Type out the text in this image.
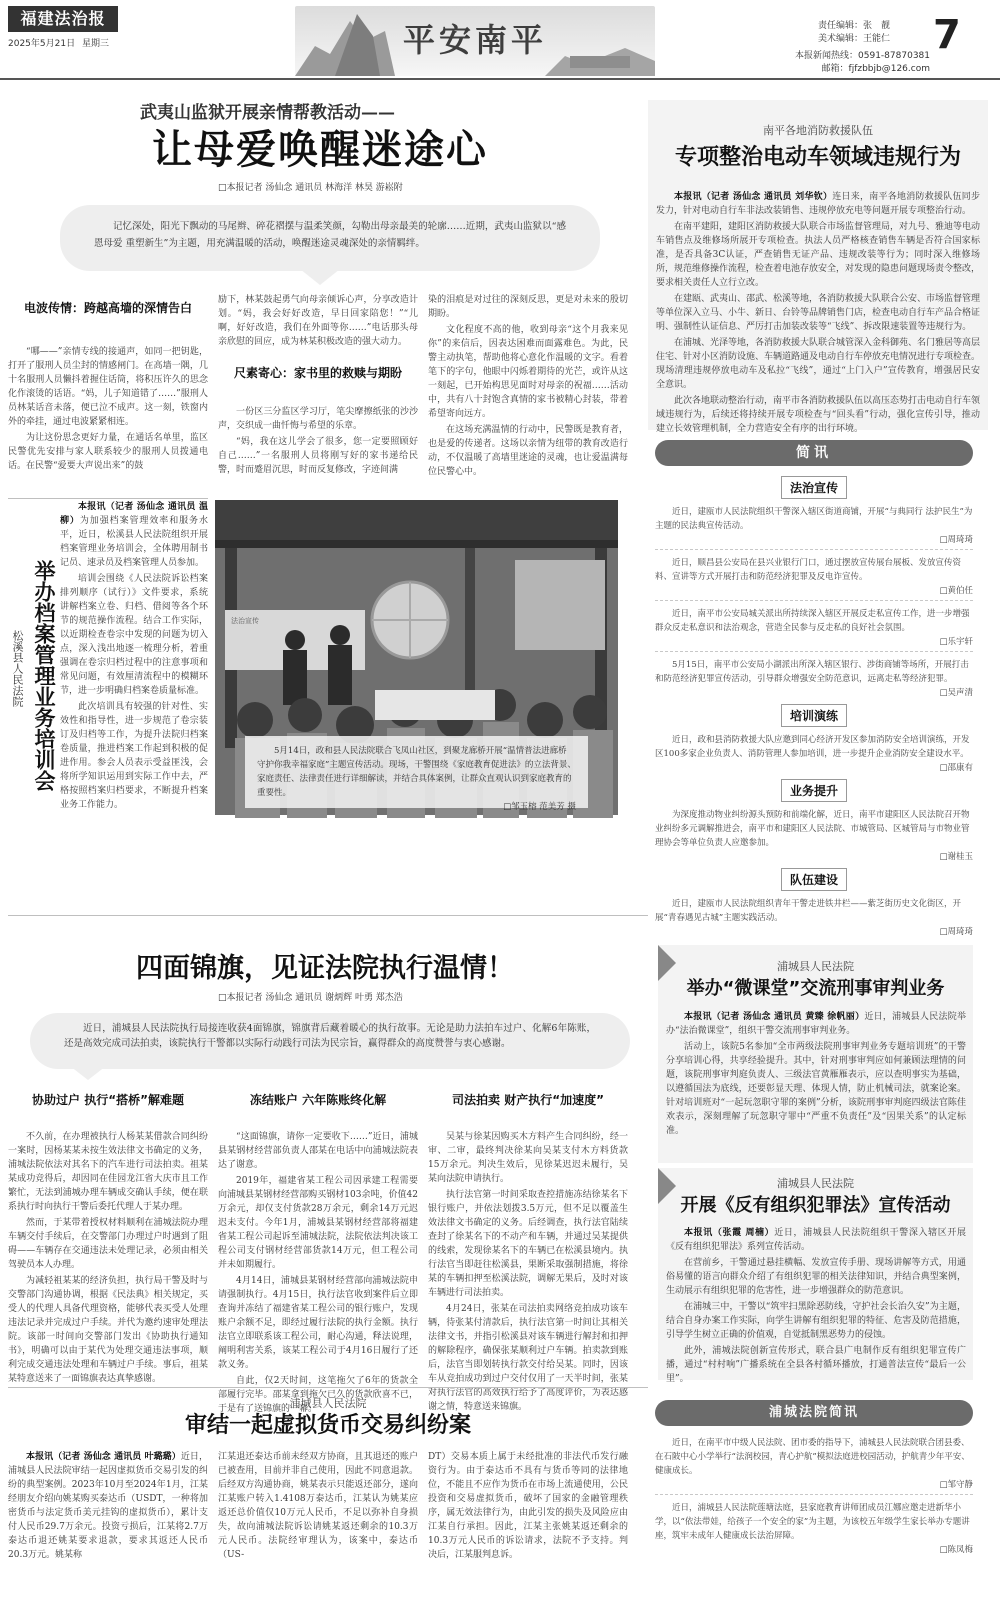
福建法治报
2025年5月21日 星期三	平安南平	责任编辑：张　靓
美术编辑：王能仁 7
本报新闻热线：0591-87870381
邮箱：fjfzbbjb@126.com
武夷山监狱开展亲情帮教活动——
让母爱唤醒迷途心
□本报记者 汤仙念 通讯员 林海洋 林昊 游崧附
记忆深处，阳光下飘动的马尾辫、碎花褶摆与温柔笑颜，勾勒出母亲最美的轮廓……近期，武夷山监狱以“感恩母爱 重塑新生”为主题，用充满温暖的活动，唤醒迷途灵魂深处的亲情羁绊。
电波传情：跨越高墙的深情告白

“哪——”亲情专线的接通声，如同一把钥匙，打开了服刑人员尘封的情感闸门。在高墙一隅，几十名服刑人员懒抖着握住话筒，将积压许久的思念化作滚烫的话语。“妈，儿子知道错了……”服刑人员林某话音未落，便已泣不成声。这一刻，铁窗内外的牵挂，通过电波紧紧相连。

为让这份思念更好力量，在通话名单里，监区民警优先安排与家人联系较少的服刑人员拨通电话。在民警“爱要大声说出来”的鼓

励下，林某鼓起勇气向母亲倾诉心声，分享改造计划。“妈，我会好好改造，早日回家陪您！”“儿啊，好好改造，我们在外面等你……”电话那头母亲欣慰的回应，成为林某积极改造的强大动力。

尺素寄心：家书里的救赎与期盼

一份区三分监区学习厅，笔尖摩擦纸张的沙沙声，交织成一曲忏悔与希望的乐章。

“妈，我在这儿学会了很多，您一定要照顾好自己……”一名服刑人员将刚写好的家书递给民警，时而蹙眉沉思，时而反复修改，字迹间满

染的泪痕是对过往的深刻反思，更是对未来的殷切期盼。

文化程度不高的他，收到母亲“这个月我来见你”的来信后，因表达困难而面露难色。为此，民警主动执笔，帮助他将心意化作温暖的文字。看着笔下的字句，他眼中闪烁着期待的光芒，或许从这一刻起，已开始构思见面时对母亲的祝福……活动中，共有八十封饱含真情的家书被精心封装，带着希望寄向远方。

在这场充满温情的行动中，民警既是教育者，也是爱的传递者。这场以亲情为纽带的教育改造行动，不仅温暖了高墙里迷途的灵魂，也让爱温满每位民警心中。

南平各地消防救援队伍
专项整治电动车领域违规行为

本报讯（记者 汤仙念 通讯员 刘华钦）连日来，南平各地消防救援队伍同步发力，针对电动自行车非法改装销售、违规停放充电等问题开展专项整治行动。

在南平建阳，建阳区消防救援大队联合市场监督管理局，对九号、雅迪等电动车销售点及维修场所展开专项检查。执法人员严格核查销售车辆是否符合国家标准，是否具备3C认证，严查销售无证产品、违规改装等行为；同时深入维修场所，规范维修操作流程，检查着电池存放安全，对发现的隐患问题现场责令整改，要求相关责任人立行立改。

在建瓯、武夷山、邵武、松溪等地，各消防救援大队联合公安、市场监督管理等单位深入立马、小牛、新日、台铃等品牌销售门店，检查电动自行车产品合格证明、强制性认证信息、严厉打击加装改装等“飞线”、拆改限速装置等违规行为。

在浦城、光泽等地，各消防救援大队联合城管深入金科御苑、名门雅居等高层住宅、针对小区消防设施、车辆道路通及电动自行车停放充电情况进行专项检查。现场清理违规停放电动车及私拉“飞线”，通过“上门入户”宣传教育，增强居民安全意识。

此次各地联动整治行动，南平市各消防救援队伍以高压态势打击电动自行车领域违规行为，后续还将持续开展专项检查与“回头看”行动，强化宣传引导，推动建立长效管理机制，全力营造安全有序的出行环境。

简讯
法治宣传
近日，建瓯市人民法院组织干警深入辖区街道商铺，开展“与典同行 法护民生”为主题的民法典宣传活动。
□周琦琦
近日，顺昌县公安局在县兴业银行门口，通过摆放宣传展台展板、发放宣传资料、宣讲等方式开展打击和防范经济犯罪及反电诈宣传。
□黄伯任
近日，南平市公安局城关派出所持续深入辖区开展反走私宣传工作，进一步增强群众反走私意识和法治观念，营造全民参与反走私的良好社会氛围。
□乐宇轩
5月15日，南平市公安局小湖派出所深入辖区银行、涉街商铺等场所，开展打击和防范经济犯罪宣传活动，引导群众增强安全防范意识，远离走私等经济犯罪。
□吴声清
培训演练
近日，政和县消防救援大队应邀到同心经济开发区参加消防安全培训演练，开发区100多家企业负责人、消防管理人参加培训，进一步提升企业消防安全建设水平。
□邵康有
业务提升
为深度推动物业纠纷源头预防和前端化解，近日，南平市建阳区人民法院召开物业纠纷多元调解推进会，南平市和建阳区人民法院、市城管局、区城管局与市物业管理协会等单位负责人应邀参加。
□谢桂玉
队伍建设
近日，建瓯市人民法院组织青年干警走进铁井栏——紫芝街历史文化街区，开展“青春遇见古城”主题实践活动。
□周琦琦
举办档案管理业务培训会
松溪县人民法院

本报讯（记者 汤仙念 通讯员 温柳）为加强档案管理效率和服务水平，近日，松溪县人民法院组织开展档案管理业务培训会，全体聘用制书记员、速录员及档案管理人员参加。

培训会围绕《人民法院诉讼档案排列顺序（试行）》文件要求，系统讲解档案立卷、归档、借阅等各个环节的规范操作流程。结合工作实际，以近期检查卷宗中发现的问题为切入点，深入浅出地逐一梳理分析，着重强调在卷宗归档过程中的注意事项和常见问题，有效厘清流程中的模糊环节，进一步明确归档案卷质量标准。

此次培训具有较强的针对性、实效性和指导性，进一步规范了卷宗装订及归档等工作，为提升法院归档案卷质量，推进档案工作起到积极的促进作用。参会人员表示受益匪浅，会将所学知识运用到实际工作中去，严格按照档案归档要求，不断提升档案业务工作能力。

法治宣传
5月14日，政和县人民法院联合飞凤山社区，到聚龙廊桥开展“温情普法进廊桥 守护你我幸福家庭”主题宣传活动。现场，干警围绕《家庭教育促进法》的立法背景、家庭责任、法律责任进行详细解读，并结合具体案例，让群众直观认识到家庭教育的重要性。
□邹玉榕 范美芳 摄
四面锦旗，见证法院执行温情！
□本报记者 汤仙念 通讯员 谢炳辉 叶勇 郑杰浩
近日，浦城县人民法院执行局接连收获4面锦旗，锦旗背后藏着暖心的执行故事。无论是助力法拍车过户、化解6年陈账，还是高效完成司法拍卖，该院执行干警都以实际行动践行司法为民宗旨，赢得群众的高度赞誉与衷心感谢。
协助过户 执行“搭桥”解难题

不久前，在办理被执行人杨某某借款合同纠纷一案时，因杨某某未按生效法律文书确定的义务，浦城法院依法对其名下的汽车进行司法拍卖。祖某某成功竞得后，却因同在佳园龙江省大庆市且工作繁忙，无法到浦城办理车辆成交确认手续，便在联系执行时向执行干警后委托代理人于某办理。

然而，于某带着授权材料顺利在浦城法院办理车辆交付手续后，在交警部门办理过户时遇到了阻碍——车辆存在交通违法未处理记录，必须由相关驾驶员本人办理。

为减轻祖某某的经济负担，执行局干警及时与交警部门沟通协调，根据《民法典》相关规定，买受人的代理人具备代理资格，能够代表买受人处理违法记录并完成过户手续。并代为邀约速审处理法院。该部一时间向交警部门发出《协助执行通知书》，明确可以由于某代为处理交通违法事项，顺利完成交通违法处理和车辆过户手续。事后，祖某某特意送来了一面锦旗表达真挚感谢。

冻结账户 六年陈账终化解

“这面锦旗，请你一定要收下……”近日，浦城县某钢材经营部负责人邵某在电话中向浦城法院表达了谢意。

2019年，福建省某工程公司因承建工程需要向浦城县某钢材经营部购买钢材103余吨，价值42万余元，却仅支付货款28万余元，剩余14万元迟迟未支付。今年1月，浦城县某钢材经营部将福建省某工程公司起诉至浦城法院，法院依法判决该工程公司支付钢材经营部货款14万元，但工程公司并未如期履行。

4月14日，浦城县某钢材经营部向浦城法院申请强制执行。4月15日，执行法官收到案件后立即查询并冻结了福建省某工程公司的银行账户，发现账户余额不足，即经过履行法院的执行金额。执行法官立即联系该工程公司，耐心沟通，释法说理，阐明利害关系，该某工程公司于4月16日履行了还款义务。

自此，仅2天时间，这笔拖欠了6年的货款全部履行完毕。邵某拿到拖欠已久的货款欣喜不已，于是有了送锦旗的一幕。

司法拍卖 财产执行“加速度”

吴某与徐某因购买木方料产生合同纠纷，经一审、二审，最终判决徐某向吴某支付木方料货款15万余元。判决生效后，见徐某迟迟未履行，吴某向法院申请执行。

执行法官第一时间采取查控措施冻结徐某名下银行账户，并依法划拨3.5万元，但不足以覆盖生效法律文书确定的义务。后经调查，执行法官陆续查封了徐某名下的不动产和车辆，并通过吴某提供的线索，发现徐某名下的车辆已在松溪县境内。执行法官当即赶往松溪县，果断采取强制措施，将徐某的车辆扣押至松溪法院，调解无果后，及时对该车辆进行司法拍卖。

4月24日，张某在司法拍卖网络竞拍成功该车辆，待张某付清款后，执行法官第一时间让其相关法律文书，并指引松溪县对该车辆进行解封和扣押的解除程序，确保张某顺利过户车辆。拍卖款到账后，法官当即划转执行款交付给吴某。同时，因该车从竞拍成功到过户交付仅用了一天半时间，张某对执行法官的高效执行给予了高度评价，为表达感谢之情，特意送来锦旗。

浦城县人民法院
审结一起虚拟货币交易纠纷案

本报讯（记者 汤仙念 通讯员 叶璐璐）近日，浦城县人民法院审结一起因虚拟货币交易引发的纠纷的典型案例。2023年10月至2024年1月，江某经朋友介绍向姚某购买泰达币（USDT，一种将加密货币与法定货币美元挂钩的虚拟货币），累计支付人民币29.7万余元。投资亏损后，江某将2.7万泰达币退还姚某要求退款，要求其返还人民币20.3万元。姚某称

江某退还泰达币前未经双方协商，且其退还的账户已被查用，目前并非自己使用，因此不同意退款。后经双方沟通协商，姚某表示只能返还部分，遂向江某账户转入1.4108万泰达币，江某认为姚某应返还总价值仅10万元人民币，不足以弥补自身损失，故向浦城法院诉讼请姚某返还剩余的10.3万元人民币。法院经审理认为，该案中，泰达币（US-

DT）交易本质上属于未经批准的非法代币发行融资行为。由于泰达币不具有与货币等同的法律地位，不能且不应作为货币在市场上流通使用，公民投资和交易虚拟货币，破坏了国家的金融管理秩序，属无效法律行为，由此引发的损失及风险应由江某自行承担。因此，江某主张姚某返还剩余的10.3万元人民币的诉讼请求，法院不予支持。判决后，江某服判息诉。

浦城县人民法院
举办“微课堂”交流刑事审判业务

本报讯（记者 汤仙念 通讯员 黄臻 徐帆丽）近日，浦城县人民法院举办“法治微课堂”，组织干警交流刑事审判业务。

活动上，该院5名参加“全市两级法院刑事审判业务专题培训班”的干警分享培训心得，共享经验提升。其中，针对刑事审判应如何兼顾法理情的问题，该院刑事审判庭负责人、三级法官黄雁雁表示，应以查明事实为基础，以遵循国法为底线，还要彰显天理、体现人情，防止机械司法，就案论案。针对培训班对“一起玩忽职守罪的案例”分析，该院刑事审判庭四级法官陈佳欢表示，深刻理解了玩忽职守罪中“严重不负责任”及“因果关系”的认定标准。

浦城县人民法院
开展《反有组织犯罪法》宣传活动

本报讯（张霞 周楠）近日，浦城县人民法院组织干警深入辖区开展《反有组织犯罪法》系列宣传活动。

在营前乡，干警通过悬挂横幅、发放宣传手册、现场讲解等方式，用通俗易懂的语言向群众介绍了有组织犯罪的相关法律知识，并结合典型案例，生动展示有组织犯罪的危害性，进一步增强群众的防范意识。

在浦城三中，干警以“筑牢扫黑除恶防线，守护社会长治久安”为主题，结合自身办案工作实际，向学生讲解有组织犯罪的特征、危害及防范措施，引导学生树立正确的价值观，自觉抵制黑恶势力的侵蚀。

此外，浦城法院创新宣传形式，联合县广电制作反有组织犯罪宣传广播，通过“村村响”广播系统在全县各村循环播放，打通普法宣传“最后一公里”。

浦城法院简讯
近日，在南平市中级人民法院、团市委的指导下，浦城县人民法院联合团县委、在石陂中心小学举行“法润校园，青心护航”模拟法庭进校园活动，护航青少年平安、健康成长。
□邹守静
近日，浦城县人民法院莲塘法庭，县家庭教育讲师团成员江娜应邀走进新华小学，以“依法带娃，给孩子一个安全的家”为主题，为该校五年级学生家长举办专题讲座，筑牢未成年人健康成长法治屏障。
□陈凤梅
